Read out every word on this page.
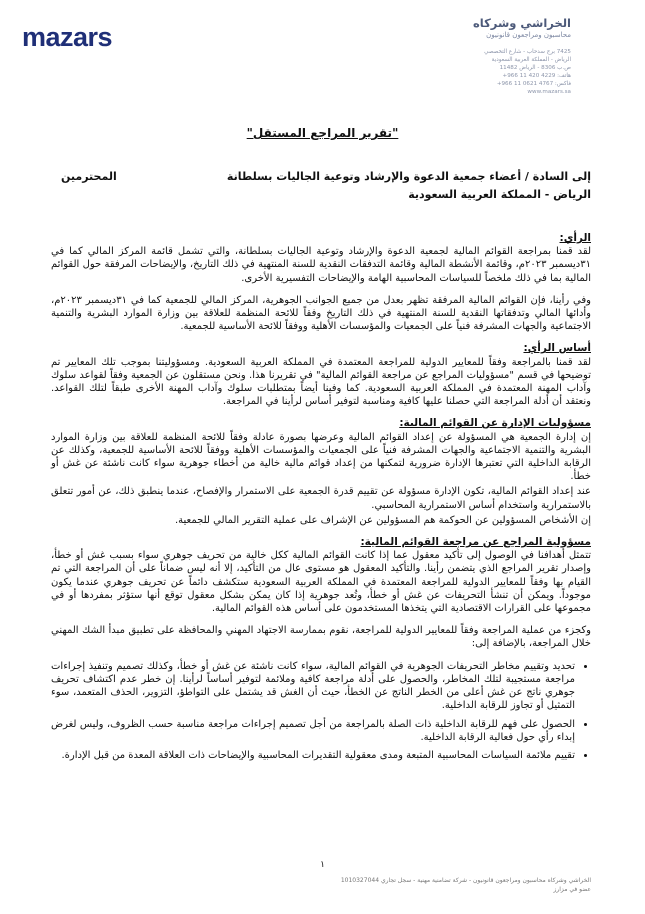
mazars	الخراشي وشركاه
محاسبون ومراجعون قانونيون
7425 برج سدحاب - شارع التخصصي
الرياض - المملكة العربية السعودية
ص.ب 8306 - الرياض 11482
هاتف: 4229 420 11 966+
فاكس: 4767 0621 11 966+
www.mazars.sa
"تقرير المراجع المستقل"
إلى السادة / أعضاء جمعية الدعوة والإرشاد وتوعية الجاليات بسلطانة
المحترمين
الرياض - المملكة العربية السعودية
الرأي:

لقد قمنا بمراجعة القوائم المالية لجمعية الدعوة والإرشاد وتوعية الجاليات بسلطانة، والتي تشمل قائمة المركز المالي كما في ٣١ديسمبر ٢٠٢٣م، وقائمة الأنشطة المالية وقائمة التدفقات النقدية للسنة المنتهية في ذلك التاريخ، والإيضاحات المرفقة حول القوائم المالية بما في ذلك ملخصاً للسياسات المحاسبية الهامة والإيضاحات التفسيرية الأخرى.

وفي رأينا، فإن القوائم المالية المرفقة تظهر بعدل من جميع الجوانب الجوهرية، المركز المالي للجمعية كما في ٣١ديسمبر ٢٠٢٣م، وأدائها المالي وتدفقاتها النقدية للسنة المنتهية في ذلك التاريخ وفقاً للائحة المنظمة للعلاقة بين وزارة الموارد البشرية والتنمية الاجتماعية والجهات المشرفة فنياً على الجمعيات والمؤسسات الأهلية ووفقاً للائحة الأساسية للجمعية.

أساس الرأي:

لقد قمنا بالمراجعة وفقاً للمعايير الدولية للمراجعة المعتمدة في المملكة العربية السعودية. ومسؤوليتنا بموجب تلك المعايير تم توضيحها في قسم "مسؤوليات المراجع عن مراجعة القوائم المالية" في تقريرنا هذا. ونحن مستقلون عن الجمعية وفقاً لقواعد سلوك وآداب المهنة المعتمدة في المملكة العربية السعودية. كما وفينا أيضاً بمتطلبات سلوك وآداب المهنة الأخرى طبقاً لتلك القواعد. ونعتقد أن أدلة المراجعة التي حصلنا عليها كافية ومناسبة لتوفير أساس لرأينا في المراجعة.

مسؤوليات الإدارة عن القوائم المالية:

إن إدارة الجمعية هي المسؤولة عن إعداد القوائم المالية وعرضها بصورة عادلة وفقاً للائحة المنظمة للعلاقة بين وزارة الموارد البشرية والتنمية الاجتماعية والجهات المشرفة فنياً على الجمعيات والمؤسسات الأهلية ووفقاً للائحة الأساسية للجمعية، وكذلك عن الرقابة الداخلية التي تعتبرها الإدارة ضرورية لتمكنها من إعداد قوائم مالية خالية من أخطاء جوهرية سواء كانت ناشئة عن غش أو خطأ.

عند إعداد القوائم المالية، تكون الإدارة مسؤولة عن تقييم قدرة الجمعية على الاستمرار والإفصاح، عندما ينطبق ذلك، عن أمور تتعلق بالاستمرارية واستخدام أساس الاستمرارية المحاسبي.

إن الأشخاص المسؤولين عن الحوكمة هم المسؤولين عن الإشراف على عملية التقرير المالي للجمعية.

مسؤولية المراجع عن مراجعة القوائم المالية:

تتمثل أهدافنا في الوصول إلى تأكيد معقول عما إذا كانت القوائم المالية ككل خالية من تحريف جوهري سواء بسبب غش أو خطأ، وإصدار تقرير المراجع الذي يتضمن رأينا. والتأكيد المعقول هو مستوى عال من التأكيد، إلا أنه ليس ضماناً على أن المراجعة التي تم القيام بها وفقاً للمعايير الدولية للمراجعة المعتمدة في المملكة العربية السعودية ستكشف دائماً عن تحريف جوهري عندما يكون موجوداً. ويمكن أن تنشأ التحريفات عن غش أو خطأ، وتُعد جوهرية إذا كان يمكن بشكل معقول توقع أنها ستؤثر بمفردها أو في مجموعها على القرارات الاقتصادية التي يتخذها المستخدمون على أساس هذه القوائم المالية.

وكجزء من عملية المراجعة وفقاً للمعايير الدولية للمراجعة، نقوم بممارسة الاجتهاد المهني والمحافظة على تطبيق مبدأ الشك المهني خلال المراجعة، بالإضافة إلى:

• تحديد وتقييم مخاطر التحريفات الجوهرية في القوائم المالية، سواء كانت ناشئة عن غش أو خطأ، وكذلك تصميم وتنفيذ إجراءات مراجعة مستجيبة لتلك المخاطر، والحصول على أدلة مراجعة كافية وملائمة لتوفير أساساً لرأينا. إن خطر عدم اكتشاف تحريف جوهري ناتج عن غش أعلى من الخطر الناتج عن الخطأ، حيث أن الغش قد يشتمل على التواطؤ، التزوير، الحذف المتعمد، سوء التمثيل أو تجاوز للرقابة الداخلية.
• الحصول على فهم للرقابة الداخلية ذات الصلة بالمراجعة من أجل تصميم إجراءات مراجعة مناسبة حسب الظروف، وليس لغرض إبداء رأي حول فعالية الرقابة الداخلية.
• تقييم ملائمة السياسات المحاسبية المتبعة ومدى معقولية التقديرات المحاسبية والإيضاحات ذات العلاقة المعدة من قبل الإدارة.
١
الخراشي وشركاه محاسبون ومراجعون قانونيون - شركة تضامنية مهنية - سجل تجاري 1010327044
عضو في مزارز
